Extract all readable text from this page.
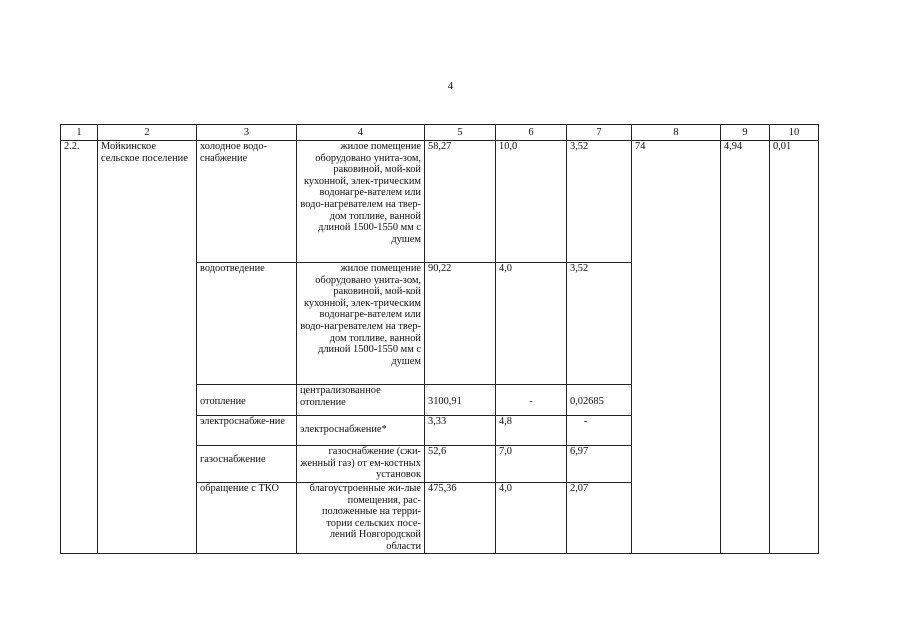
4
1	2	3	4	5	6	7	8	9	10
2.2.	Мойкинское сельское поселение	холодное водо-снабжение	жилое помещение оборудовано унита-зом, раковиной, мой-кой кухонной, элек-трическим водонагре-вателем или водо-нагревателем на твер-дом топливе, ванной длиной 1500-1550 мм с душем	58,27	10,0	3,52	74	4,94	0,01
		водоотведение	жилое помещение оборудовано унита-зом, раковиной, мой-кой кухонной, элек-трическим водонагре-вателем или водо-нагревателем на твер-дом топливе, ванной длиной 1500-1550 мм с душем	90,22	4,0	3,52			
		отопление	централизованное отопление	3100,91	-	0,02685			
		электроснабже-ние	электроснабжение*	3,33	4,8	-			
		газоснабжение	газоснабжение (сжи-женный газ) от ем-костных установок	52,6	7,0	6,97			
		обращение с ТКО	благоустроенные жи-лые помещения, рас-положенные на терри-тории сельских посе-лений Новгородской области	475,36	4,0	2,07			
